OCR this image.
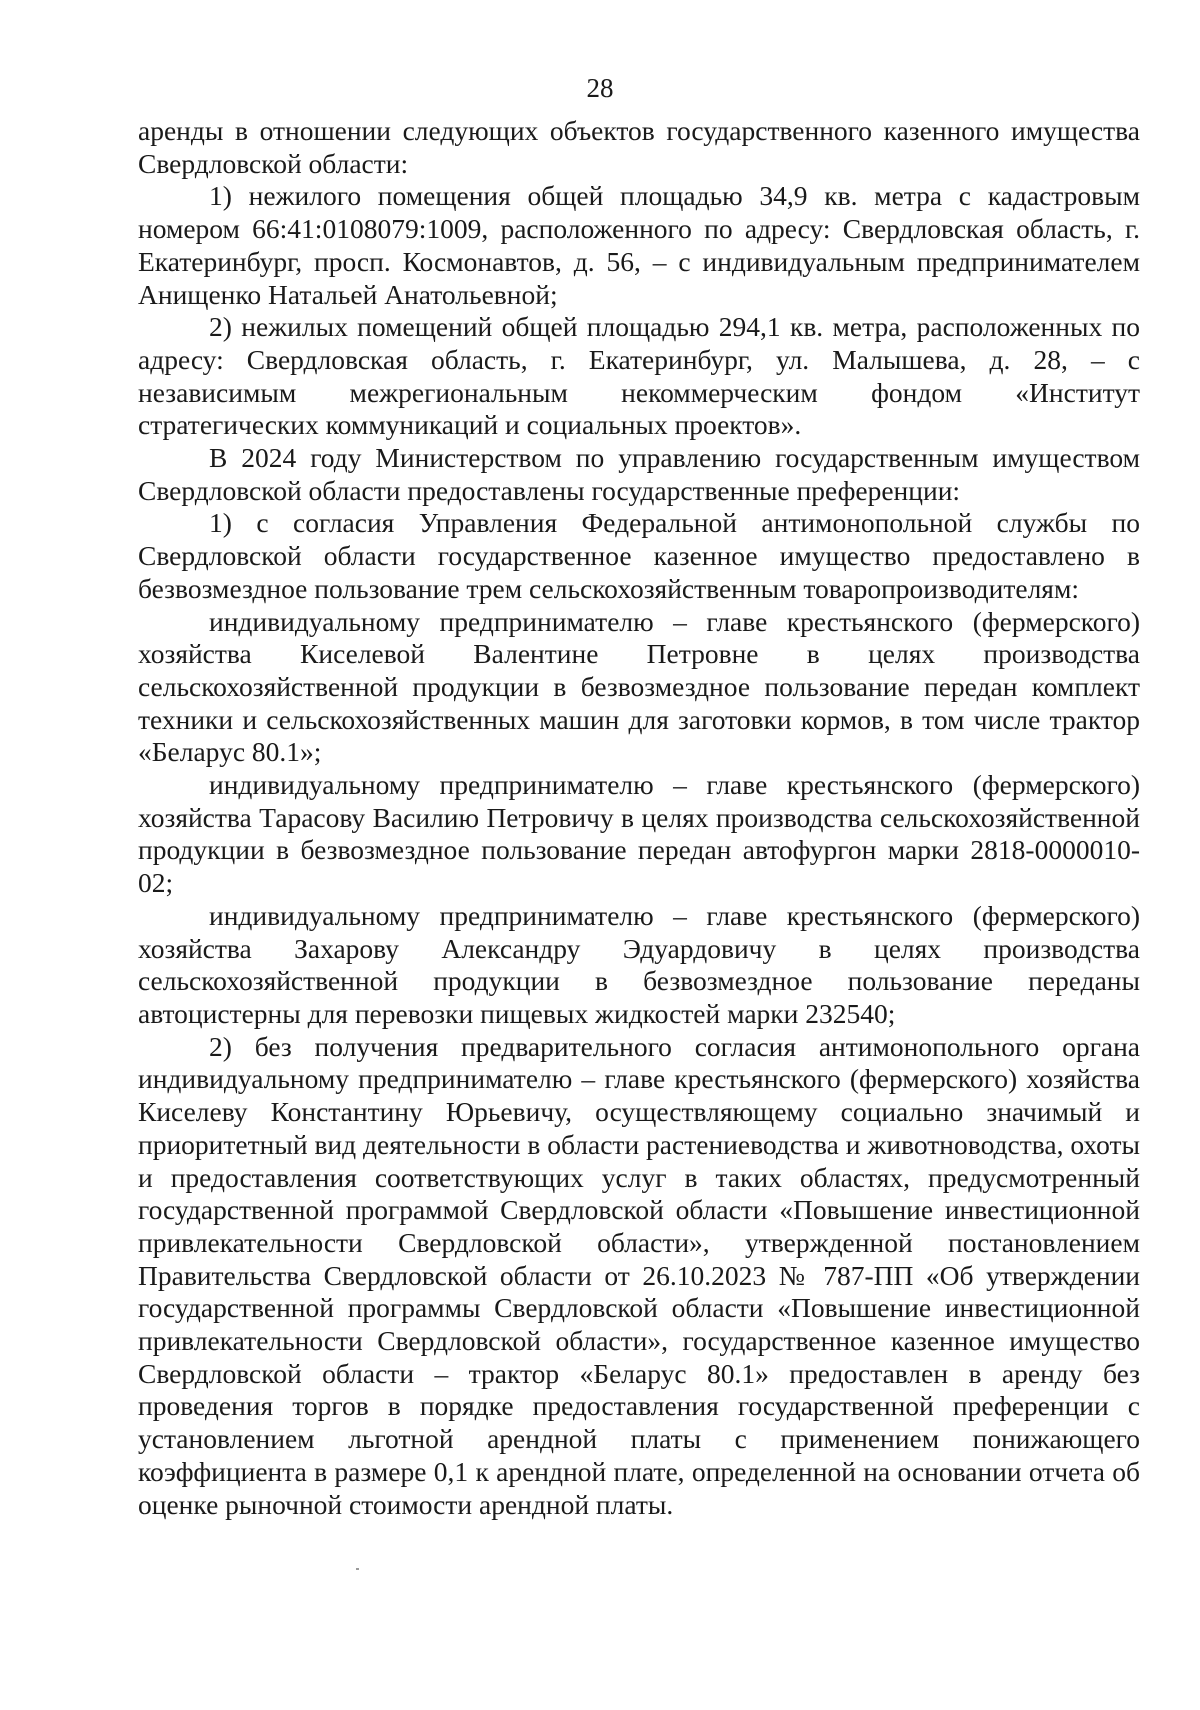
28

аренды в отношении следующих объектов государственного казенного имущества Свердловской области:

1) нежилого помещения общей площадью 34,9 кв. метра с кадастровым номером 66:41:0108079:1009, расположенного по адресу: Свердловская область, г. Екатеринбург, просп. Космонавтов, д. 56, – с индивидуальным предпринимателем Анищенко Натальей Анатольевной;

2) нежилых помещений общей площадью 294,1 кв. метра, расположенных по адресу: Свердловская область, г. Екатеринбург, ул. Малышева, д. 28, – с независимым межрегиональным некоммерческим фондом «Институт стратегических коммуникаций и социальных проектов».

В 2024 году Министерством по управлению государственным имуществом Свердловской области предоставлены государственные преференции:

1) с согласия Управления Федеральной антимонопольной службы по Свердловской области государственное казенное имущество предоставлено в безвозмездное пользование трем сельскохозяйственным товаропроизводителям:

индивидуальному предпринимателю – главе крестьянского (фермерского) хозяйства Киселевой Валентине Петровне в целях производства сельскохозяйственной продукции в безвозмездное пользование передан комплект техники и сельскохозяйственных машин для заготовки кормов, в том числе трактор «Беларус 80.1»;

индивидуальному предпринимателю – главе крестьянского (фермерского) хозяйства Тарасову Василию Петровичу в целях производства сельскохозяйственной продукции в безвозмездное пользование передан автофургон марки 2818-0000010-02;

индивидуальному предпринимателю – главе крестьянского (фермерского) хозяйства Захарову Александру Эдуардовичу в целях производства сельскохозяйственной продукции в безвозмездное пользование переданы автоцистерны для перевозки пищевых жидкостей марки 232540;

2) без получения предварительного согласия антимонопольного органа индивидуальному предпринимателю – главе крестьянского (фермерского) хозяйства Киселеву Константину Юрьевичу, осуществляющему социально значимый и приоритетный вид деятельности в области растениеводства и животноводства, охоты и предоставления соответствующих услуг в таких областях, предусмотренный государственной программой Свердловской области «Повышение инвестиционной привлекательности Свердловской области», утвержденной постановлением Правительства Свердловской области от 26.10.2023 № 787-ПП «Об утверждении государственной программы Свердловской области «Повышение инвестиционной привлекательности Свердловской области», государственное казенное имущество Свердловской области – трактор «Беларус 80.1» предоставлен в аренду без проведения торгов в порядке предоставления государственной преференции с установлением льготной арендной платы с применением понижающего коэффициента в размере 0,1 к арендной плате, определенной на основании отчета об оценке рыночной стоимости арендной платы.
